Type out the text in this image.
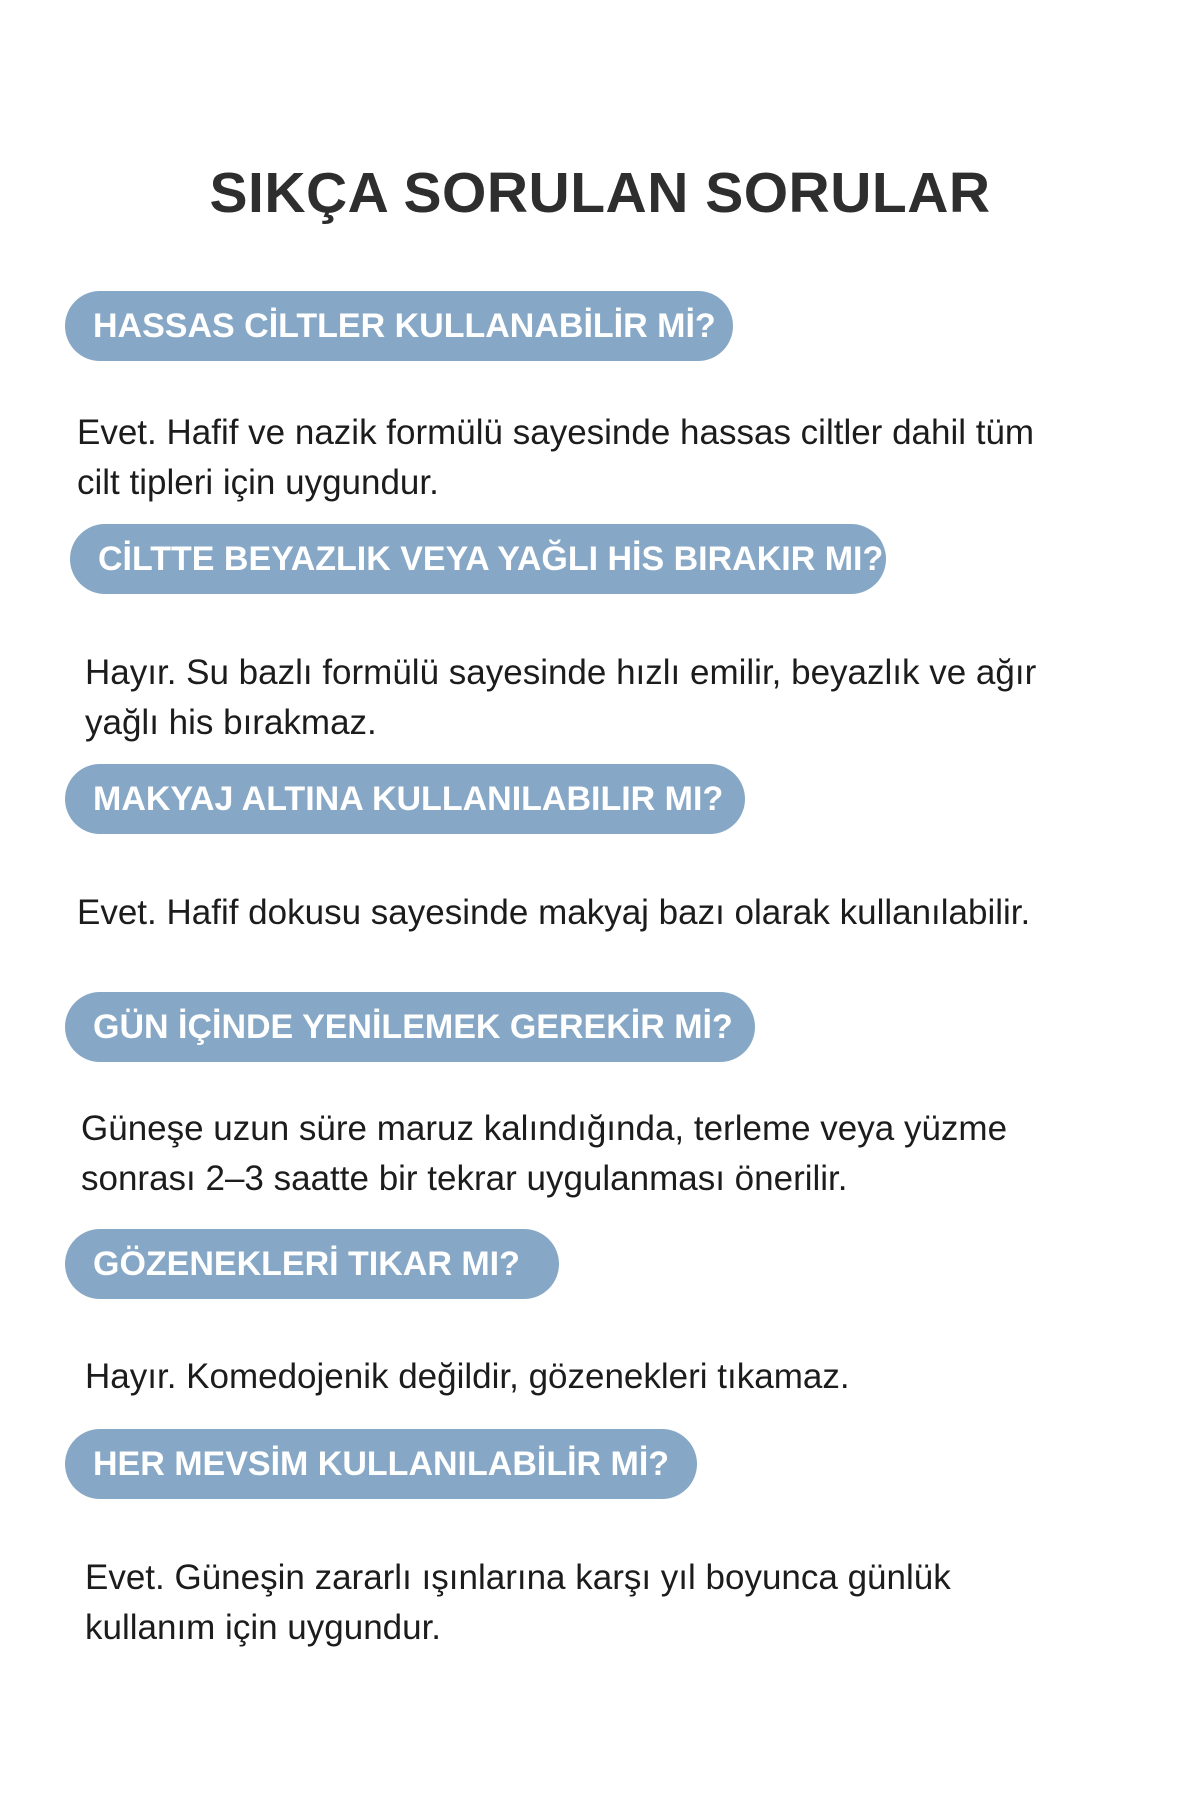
SIKÇA SORULAN SORULAR
HASSAS CİLTLER KULLANABİLİR Mİ?

Evet. Hafif ve nazik formülü sayesinde hassas ciltler dahil tüm
cilt tipleri için uygundur.

CİLTTE BEYAZLIK VEYA YAĞLI HİS BIRAKIR MI?

Hayır. Su bazlı formülü sayesinde hızlı emilir, beyazlık ve ağır
yağlı his bırakmaz.

MAKYAJ ALTINA KULLANILABILIR MI?

Evet. Hafif dokusu sayesinde makyaj bazı olarak kullanılabilir.

GÜN İÇİNDE YENİLEMEK GEREKİR Mİ?

Güneşe uzun süre maruz kalındığında, terleme veya yüzme
sonrası 2–3 saatte bir tekrar uygulanması önerilir.

GÖZENEKLERİ TIKAR MI?

Hayır. Komedojenik değildir, gözenekleri tıkamaz.

HER MEVSİM KULLANILABİLİR Mİ?

Evet. Güneşin zararlı ışınlarına karşı yıl boyunca günlük
kullanım için uygundur.
